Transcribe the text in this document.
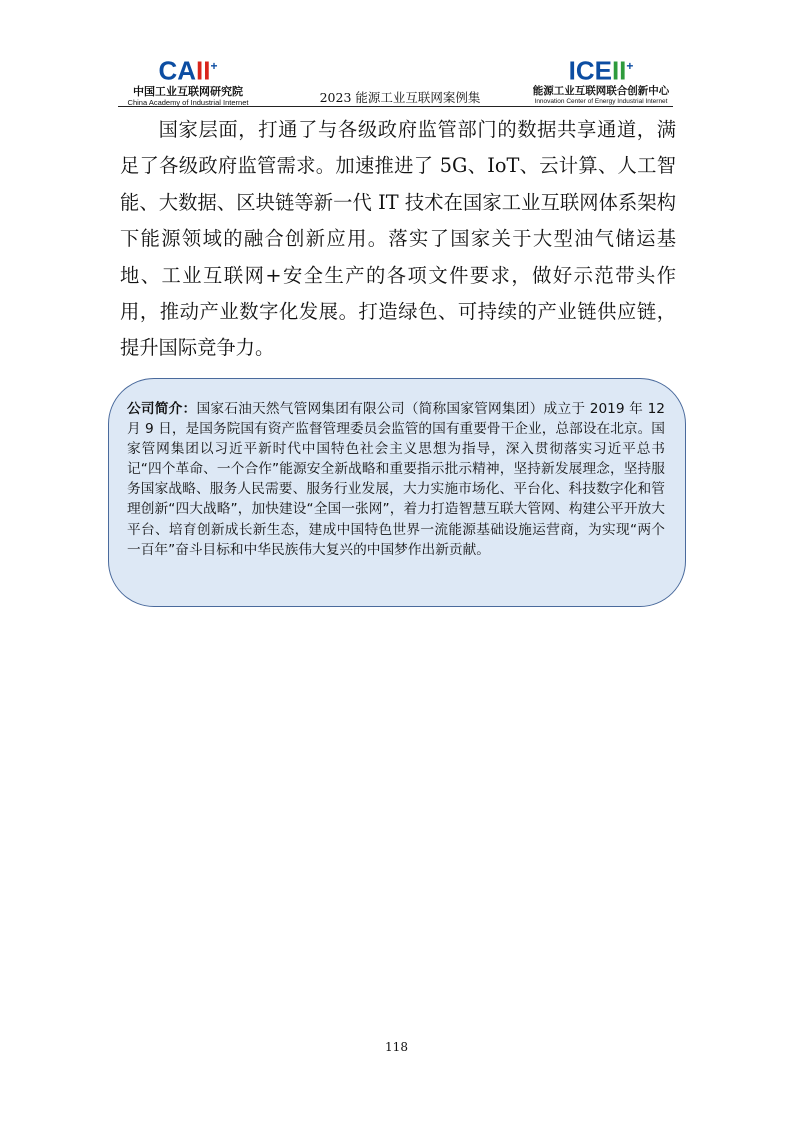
CAII+
中国工业互联网研究院
China Academy of Industrial Internet	2023 能源工业互联网案例集
ICEII+
能源工业互联网联合创新中心
Innovation Center of Energy Industrial Internet

国家层面，打通了与各级政府监管部门的数据共享通道，满足了各级政府监管需求。加速推进了 5G、IoT、云计算、人工智能、大数据、区块链等新一代 IT 技术在国家工业互联网体系架构下能源领域的融合创新应用。落实了国家关于大型油气储运基地、工业互联网+安全生产的各项文件要求，做好示范带头作用，推动产业数字化发展。打造绿色、可持续的产业链供应链，提升国际竞争力。

公司简介：国家石油天然气管网集团有限公司（简称国家管网集团）成立于 2019 年 12 月 9 日，是国务院国有资产监督管理委员会监管的国有重要骨干企业，总部设在北京。国家管网集团以习近平新时代中国特色社会主义思想为指导，深入贯彻落实习近平总书记“四个革命、一个合作”能源安全新战略和重要指示批示精神，坚持新发展理念，坚持服务国家战略、服务人民需要、服务行业发展，大力实施市场化、平台化、科技数字化和管理创新“四大战略”，加快建设“全国一张网”，着力打造智慧互联大管网、构建公平开放大平台、培育创新成长新生态，建成中国特色世界一流能源基础设施运营商，为实现“两个一百年”奋斗目标和中华民族伟大复兴的中国梦作出新贡献。

118
